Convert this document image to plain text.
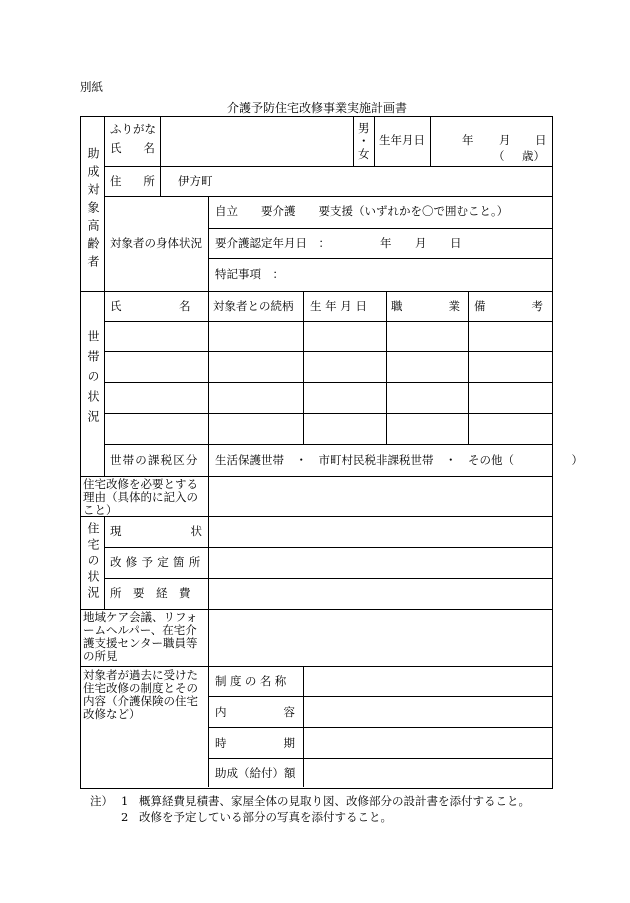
別紙
介護予防住宅改修事業実施計画書
助成対象高齢者
ふりがな
氏　名
男
・
女
生年月日	年 月 日
（ 歳）
住　所 伊方町
対象者の身体状況
自立　　要介護　　要支援（いずれかを〇で囲むこと。）
要介護認定年月日　：	年 月 日
特記事項　：
世帯の状況
氏　　　　　名 対象者との続柄 生 年 月 日 職　　　　業 備　　　　考
世帯の課税区分 生活保護世帯　・　市町村民税非課税世帯　・　その他（　　　　　）
住宅改修を必要とする理由（具体的に記入のこと）
住宅の状況 現　　　状
改修予定箇所
所　要　経　費
地域ケア会議、リフォームヘルパー、在宅介護支援センター職員等の所見
対象者が過去に受けた住宅改修の制度とその内容（介護保険の住宅改修など）
制度の名称
内　　容
時　　期
助成（給付）額
注） 1 概算経費見積書、家屋全体の見取り図、改修部分の設計書を添付すること。
2 改修を予定している部分の写真を添付すること。
